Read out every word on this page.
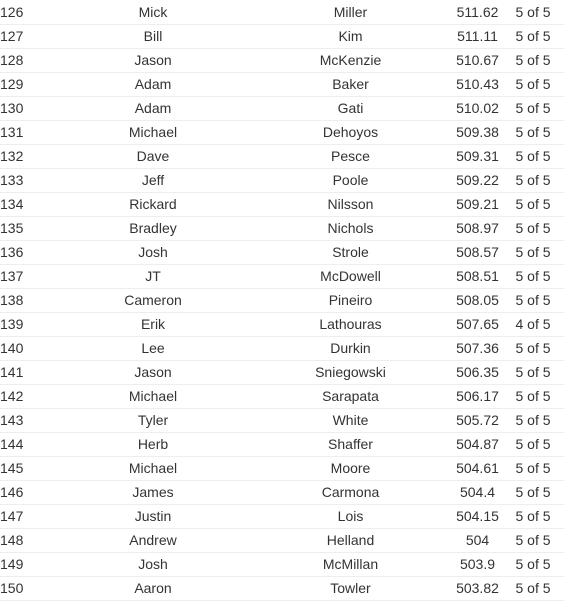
126	Mick	Miller	511.62	5 of 5
127	Bill	Kim	511.11	5 of 5
128	Jason	McKenzie	510.67	5 of 5
129	Adam	Baker	510.43	5 of 5
130	Adam	Gati	510.02	5 of 5
131	Michael	Dehoyos	509.38	5 of 5
132	Dave	Pesce	509.31	5 of 5
133	Jeff	Poole	509.22	5 of 5
134	Rickard	Nilsson	509.21	5 of 5
135	Bradley	Nichols	508.97	5 of 5
136	Josh	Strole	508.57	5 of 5
137	JT	McDowell	508.51	5 of 5
138	Cameron	Pineiro	508.05	5 of 5
139	Erik	Lathouras	507.65	4 of 5
140	Lee	Durkin	507.36	5 of 5
141	Jason	Sniegowski	506.35	5 of 5
142	Michael	Sarapata	506.17	5 of 5
143	Tyler	White	505.72	5 of 5
144	Herb	Shaffer	504.87	5 of 5
145	Michael	Moore	504.61	5 of 5
146	James	Carmona	504.4	5 of 5
147	Justin	Lois	504.15	5 of 5
148	Andrew	Helland	504	5 of 5
149	Josh	McMillan	503.9	5 of 5
150	Aaron	Towler	503.82	5 of 5
